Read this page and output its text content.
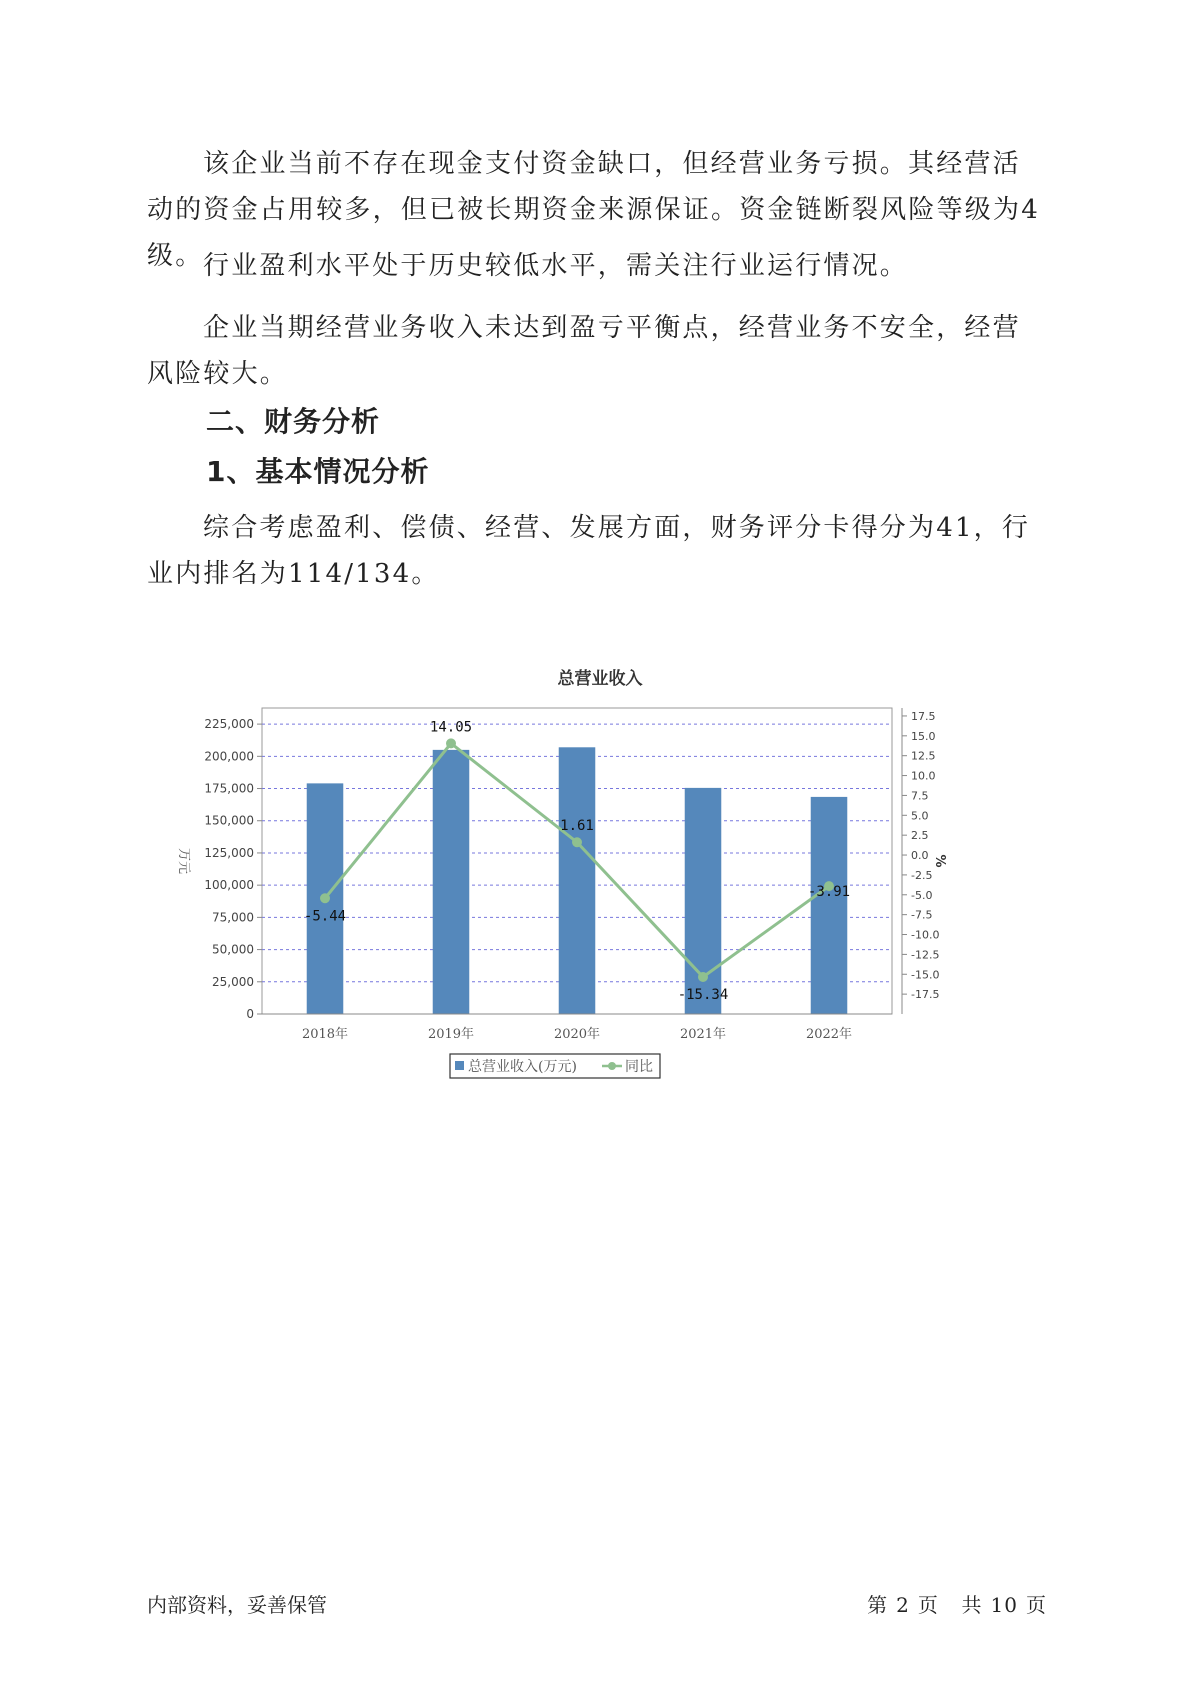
该企业当前不存在现金支付资金缺口，但经营业务亏损。其经营活动的资金占用较多，但已被长期资金来源保证。资金链断裂风险等级为4级。 行业盈利水平处于历史较低水平，需关注行业运行情况。

企业当期经营业务收入未达到盈亏平衡点，经营业务不安全，经营风险较大。

二、财务分析
1、基本情况分析

综合考虑盈利、偿债、经营、发展方面，财务评分卡得分为41，行业内排名为114/134。

总营业收入
0
25,000
50,000
75,000
100,000
125,000
150,000
175,000
200,000
225,000
-17.5
-15.0
-12.5
-10.0
-7.5
-5.0
-2.5
0.0
2.5
5.0
7.5
10.0
12.5
15.0
17.5
-5.44
14.05
1.61
-15.34
-3.91
2018年	2019年	2020年	2021年	2022年
万元	%
总营业收入(万元)	同比
内部资料，妥善保管	第 2 页 共 10 页
